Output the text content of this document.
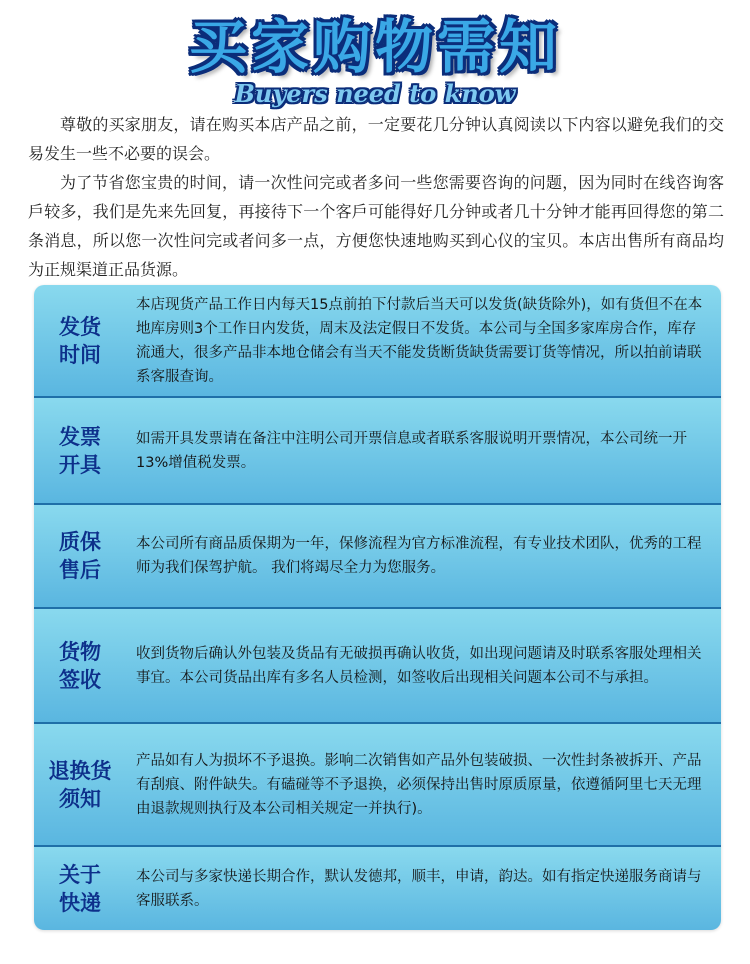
买家购物需知
Buyers need to know

尊敬的买家朋友，请在购买本店产品之前，一定要花几分钟认真阅读以下内容以避免我们的交易发生一些不必要的误会。

为了节省您宝贵的时间，请一次性问完或者多问一些您需要咨询的问题，因为同时在线咨询客戶较多，我们是先来先回复，再接待下一个客戶可能得好几分钟或者几十分钟才能再回得您的第二条消息，所以您一次性问完或者问多一点，方便您快速地购买到心仪的宝贝。本店出售所有商品均为正规渠道正品货源。

发货
时间
本店现货产品工作日内每天15点前拍下付款后当天可以发货(缺货除外)，如有货但不在本地库房则3个工作日内发货，周末及法定假日不发货。本公司与全国多家库房合作，库存流通大，很多产品非本地仓储会有当天不能发货断货缺货需要订货等情况，所以拍前请联系客服查询。
发票
开具
如需开具发票请在备注中注明公司开票信息或者联系客服说明开票情况，本公司统一开13%增值税发票。
质保
售后
本公司所有商品质保期为一年，保修流程为官方标准流程，有专业技术团队，优秀的工程师为我们保驾护航。 我们将竭尽全力为您服务。
货物
签收
收到货物后确认外包装及货品有无破损再确认收货，如出现问题请及时联系客服处理相关事宜。本公司货品出库有多名人员检测，如签收后出现相关问题本公司不与承担。
退换货
须知
产品如有人为损坏不予退换。影响二次销售如产品外包装破损、一次性封条被拆开、产品有刮痕、附件缺失。有磕碰等不予退换，必须保持出售时原质原量，依遵循阿里七天无理由退款规则执行及本公司相关规定一并执行)。
关于
快递
本公司与多家快递长期合作，默认发德邦，顺丰，申请，韵达。如有指定快递服务商请与客服联系。
